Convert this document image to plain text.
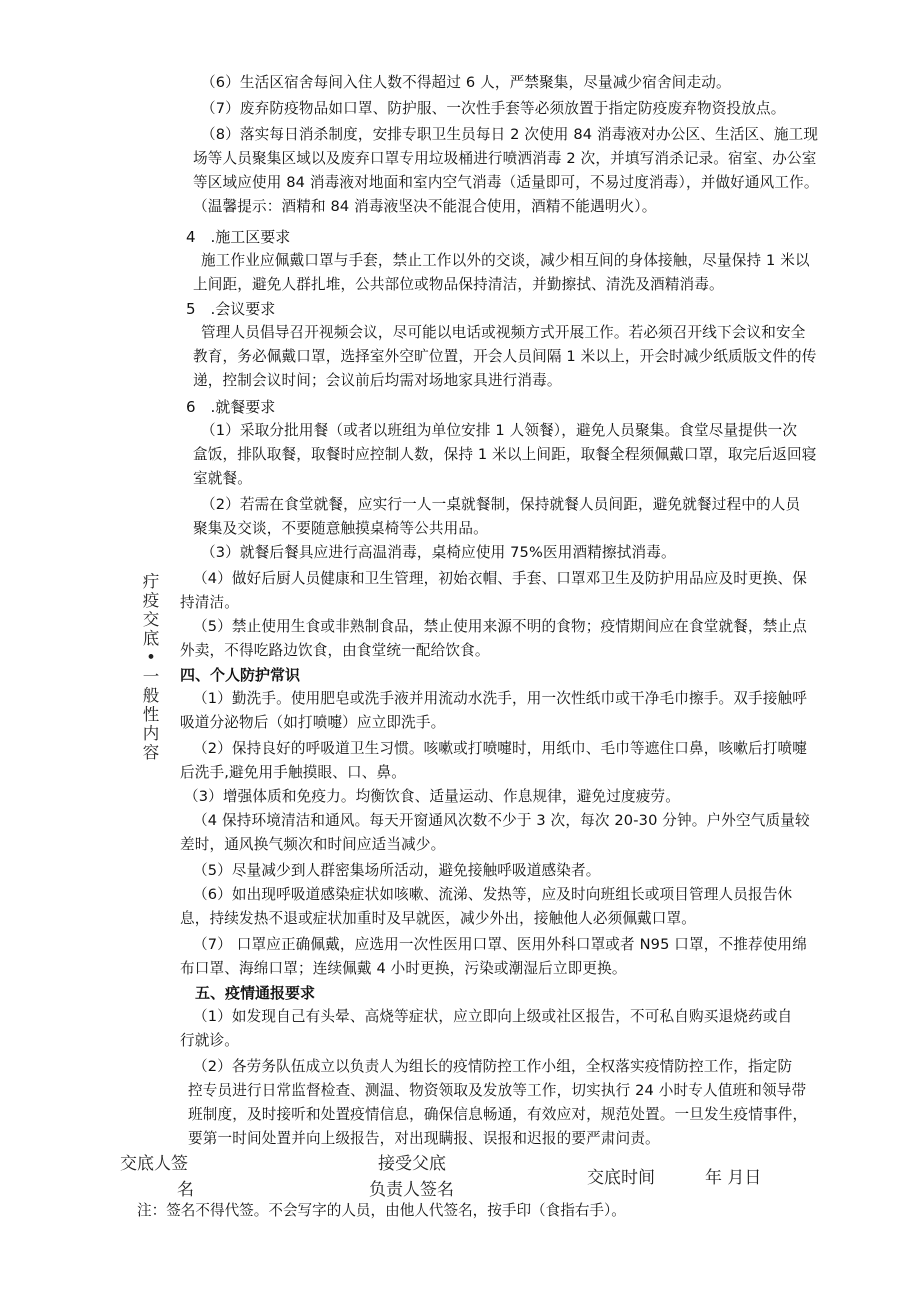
（6）生活区宿舍每间入住人数不得超过 6 人，严禁聚集，尽量减少宿舍间走动。
（7）废弃防疫物品如口罩、防护服、一次性手套等必须放置于指定防疫废弃物资投放点。
（8）落实每日消杀制度，安排专职卫生员每日 2 次使用 84 消毒液对办公区、生活区、施工现
场等人员聚集区域以及废弃口罩专用垃圾桶进行喷洒消毒 2 次，并填写消杀记录。宿室、办公室
等区域应使用 84 消毒液对地面和室内空气消毒（适量即可，不易过度消毒），并做好通风工作。
（温馨提示：酒精和 84 消毒液坚决不能混合使用，酒精不能遇明火）。
4　.施工区要求
施工作业应佩戴口罩与手套，禁止工作以外的交谈，减少相互间的身体接触，尽量保持 1 米以
上间距，避免人群扎堆，公共部位或物品保持清洁，并勤擦拭、清洗及酒精消毒。
5　.会议要求
管理人员倡导召开视频会议，尽可能以电话或视频方式开展工作。若必须召开线下会议和安全
教育，务必佩戴口罩，选择室外空旷位置，开会人员间隔 1 米以上，开会时减少纸质版文件的传
递，控制会议时间；会议前后均需对场地家具进行消毒。
6　.就餐要求
（1）采取分批用餐（或者以班组为单位安排 1 人领餐），避免人员聚集。食堂尽量提供一次
盒饭，排队取餐，取餐时应控制人数，保持 1 米以上间距，取餐全程须佩戴口罩，取完后返回寝
室就餐。
（2）若需在食堂就餐，应实行一人一桌就餐制，保持就餐人员间距，避免就餐过程中的人员
聚集及交谈，不要随意触摸桌椅等公共用品。
（3）就餐后餐具应进行高温消毒，桌椅应使用 75%医用酒精擦拭消毒。
（4）做好后厨人员健康和卫生管理，初始衣帽、手套、口罩邓卫生及防护用品应及时更换、保
持清洁。
（5）禁止使用生食或非熟制食品，禁止使用来源不明的食物；疫情期间应在食堂就餐，禁止点
外卖，不得吃路边饮食，由食堂统一配给饮食。
四、个人防护常识
（1）勤洗手。使用肥皂或洗手液并用流动水洗手，用一次性纸巾或干净毛巾擦手。双手接触呼
吸道分泌物后（如打喷嚏）应立即洗手。
（2）保持良好的呼吸道卫生习惯。咳嗽或打喷嚏时，用纸巾、毛巾等遮住口鼻，咳嗽后打喷嚏
后洗手,避免用手触摸眼、口、鼻。
（3）增强体质和免疫力。均衡饮食、适量运动、作息规律，避免过度疲劳。
（4 保持环境清洁和通风。每天开窗通风次数不少于 3 次，每次 20-30 分钟。户外空气质量较
差时，通风换气频次和时间应适当减少。
（5）尽量减少到人群密集场所活动，避免接触呼吸道感染者。
（6）如出现呼吸道感染症状如咳嗽、流涕、发热等，应及时向班组长或项目管理人员报告休
息，持续发热不退或症状加重时及早就医，减少外出，接触他人必须佩戴口罩。
（7） 口罩应正确佩戴，应选用一次性医用口罩、医用外科口罩或者 N95 口罩，不推荐使用绵
布口罩、海绵口罩；连续佩戴 4 小时更换，污染或潮湿后立即更换。
五、疫情通报要求
（1）如发现自己有头晕、高烧等症状，应立即向上级或社区报告，不可私自购买退烧药或自
行就诊。
（2）各劳务队伍成立以负责人为组长的疫情防控工作小组，全权落实疫情防控工作，指定防
控专员进行日常监督检查、测温、物资领取及发放等工作，切实执行 24 小时专人值班和领导带
班制度，及时接听和处置疫情信息，确保信息畅通，有效应对，规范处置。一旦发生疫情事件，
要第一时间处置并向上级报告，对出现瞒报、误报和迟报的要严肃问责。
疔疫交底•一般性内容
交底人签
名
接受父底
负责人签名
交底时间	年 月日
注：签名不得代签。不会写字的人员，由他人代签名，按手印（食指右手）。
